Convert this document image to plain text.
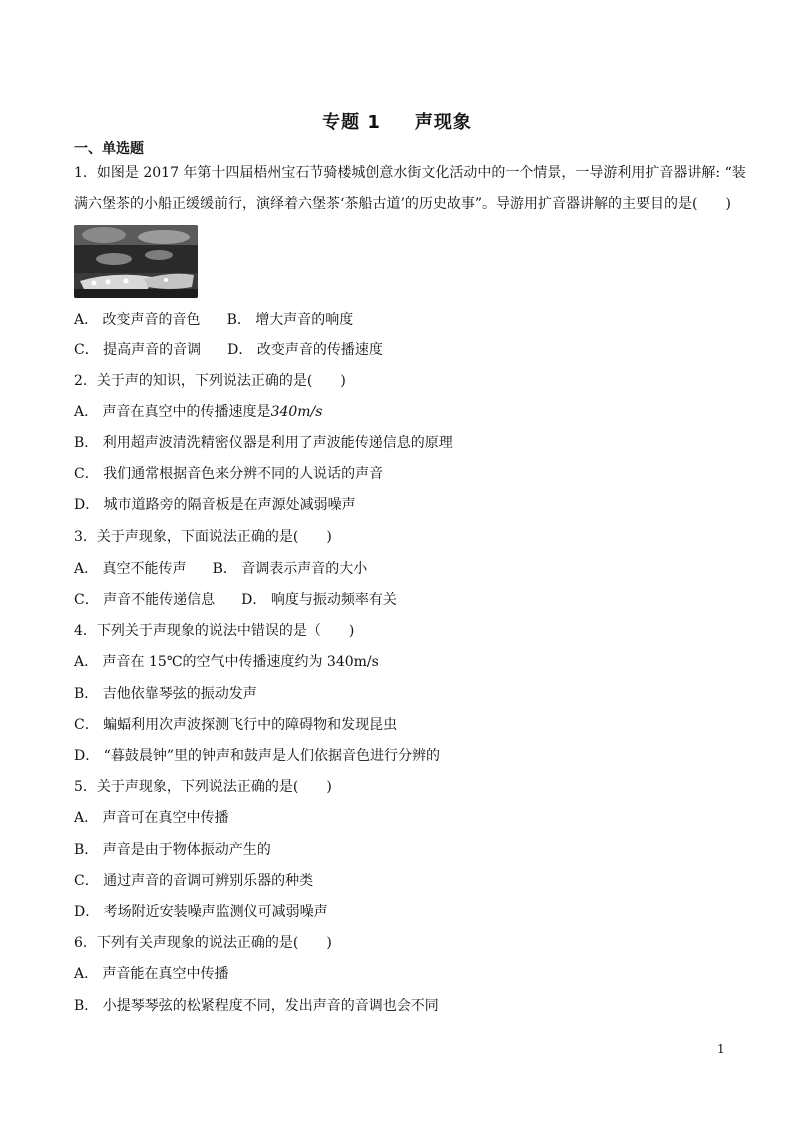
专题 1 声现象
一、单选题
1．如图是 2017 年第十四届梧州宝石节骑楼城创意水街文化活动中的一个情景，一导游利用扩音器讲解: “装
满六堡茶的小船正缓缓前行，演绎着六堡茶‘茶船古道’的历史故事”。导游用扩音器讲解的主要目的是(　　)
A． 改变声音的音色 B． 增大声音的响度
C． 提高声音的音调 D． 改变声音的传播速度
2．关于声的知识，下列说法正确的是(　　)
A． 声音在真空中的传播速度是340m/s
B． 利用超声波清洗精密仪器是利用了声波能传递信息的原理
C． 我们通常根据音色来分辨不同的人说话的声音
D． 城市道路旁的隔音板是在声源处减弱噪声
3．关于声现象，下面说法正确的是(　　)
A． 真空不能传声 B． 音调表示声音的大小
C． 声音不能传递信息 D． 响度与振动频率有关
4．下列关于声现象的说法中错误的是（　　)
A． 声音在 15℃的空气中传播速度约为 340m/s
B． 吉他依靠琴弦的振动发声
C． 蝙蝠利用次声波探测飞行中的障碍物和发现昆虫
D． “暮鼓晨钟”里的钟声和鼓声是人们依据音色进行分辨的
5．关于声现象，下列说法正确的是(　　)
A． 声音可在真空中传播
B． 声音是由于物体振动产生的
C． 通过声音的音调可辨别乐器的种类
D． 考场附近安装噪声监测仪可减弱噪声
6．下列有关声现象的说法正确的是(　　)
A． 声音能在真空中传播
B． 小提琴琴弦的松紧程度不同，发出声音的音调也会不同
1
